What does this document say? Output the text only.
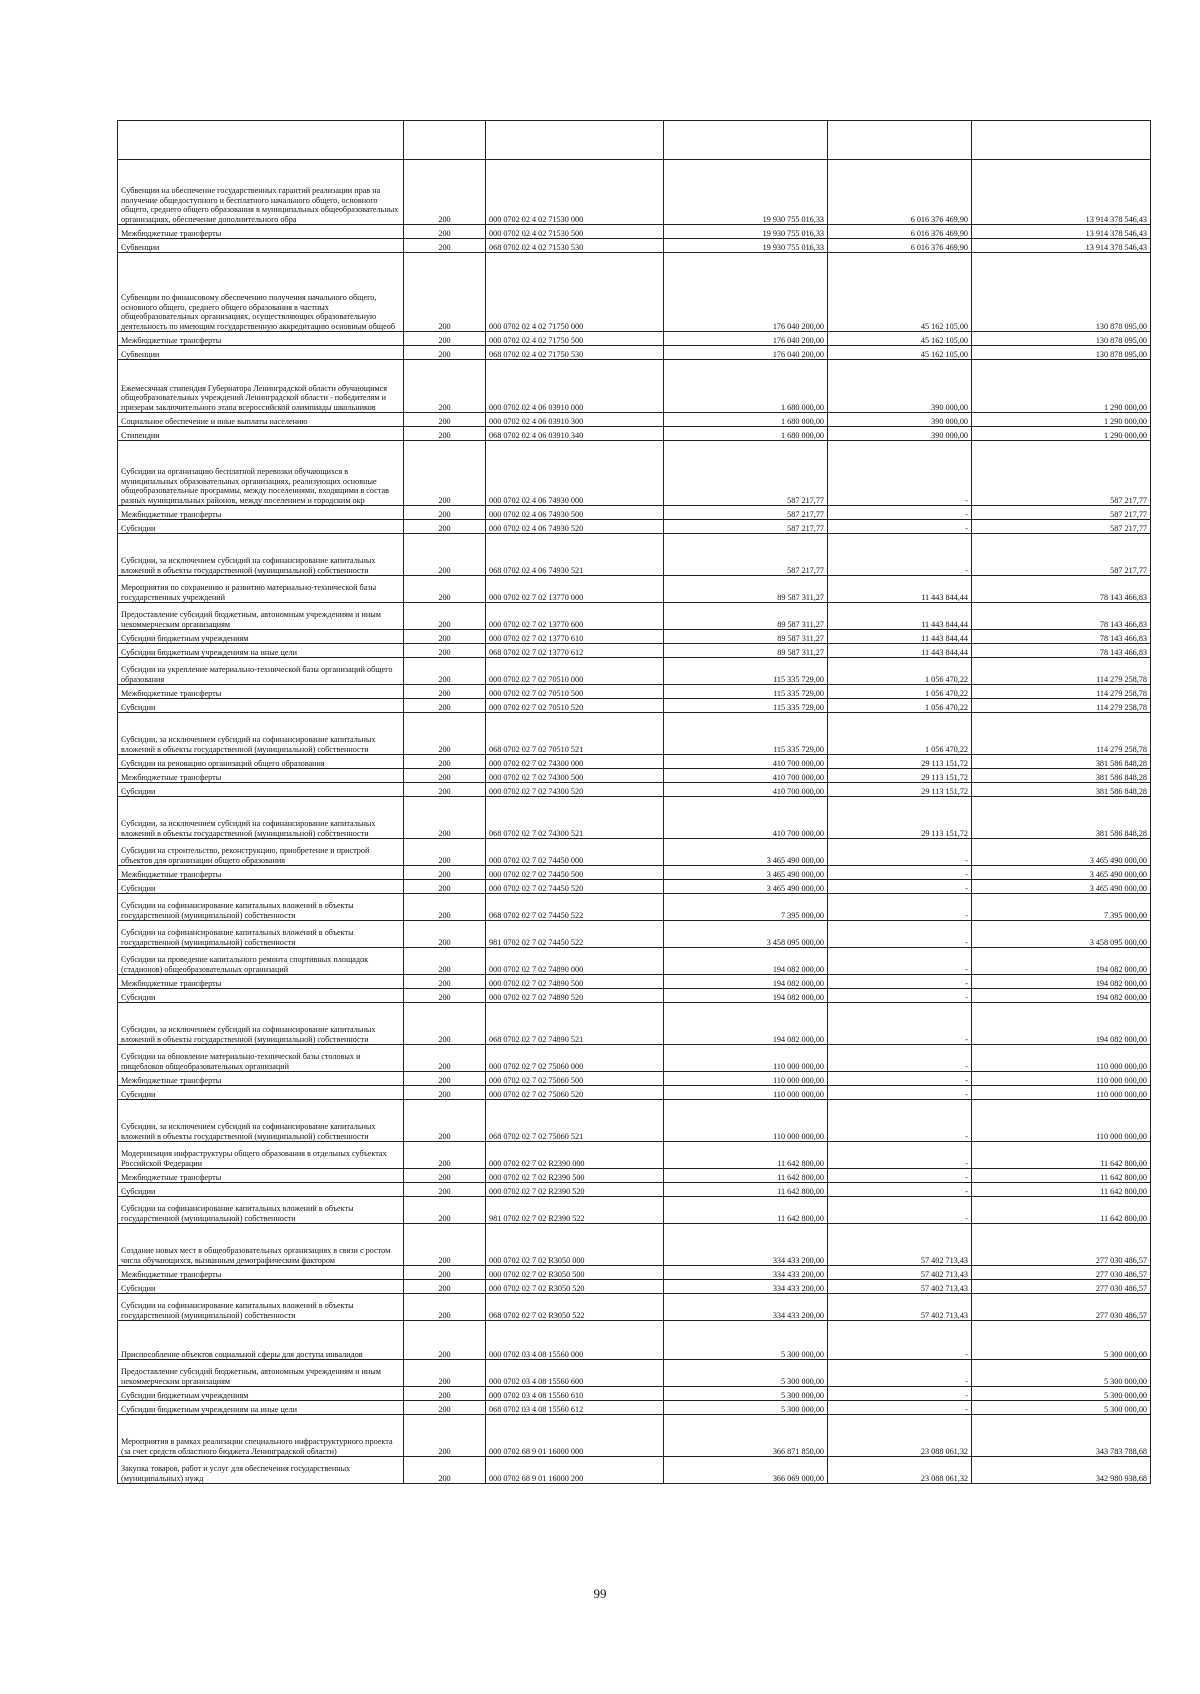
Субвенции на обеспечение государственных гарантий реализации прав на получение общедоступного и бесплатного начального общего, основного общего, среднего общего образования в муниципальных общеобразовательных организациях, обеспечение дополнительного обра	200	000 0702 02 4 02 71530 000	19 930 755 016,33	6 016 376 469,90	13 914 378 546,43
Межбюджетные трансферты	200	000 0702 02 4 02 71530 500	19 930 755 016,33	6 016 376 469,90	13 914 378 546,43
Субвенции	200	068 0702 02 4 02 71530 530	19 930 755 016,33	6 016 376 469,90	13 914 378 546,43
Субвенции по финансовому обеспечению получения начального общего, основного общего, среднего общего образования в частных общеобразовательных организациях, осуществляющих образовательную деятельность по имеющим государственную аккредитацию основным общеоб	200	000 0702 02 4 02 71750 000	176 040 200,00	45 162 105,00	130 878 095,00
Межбюджетные трансферты	200	000 0702 02 4 02 71750 500	176 040 200,00	45 162 105,00	130 878 095,00
Субвенции	200	068 0702 02 4 02 71750 530	176 040 200,00	45 162 105,00	130 878 095,00
Ежемесячная стипендия Губернатора Ленинградской области обучающимся общеобразовательных учреждений Ленинградской области - победителям и призерам заключительного этапа всероссийской олимпиады школьников	200	000 0702 02 4 06 03910 000	1 680 000,00	390 000,00	1 290 000,00
Социальное обеспечение и иные выплаты населению	200	000 0702 02 4 06 03910 300	1 680 000,00	390 000,00	1 290 000,00
Стипендии	200	068 0702 02 4 06 03910 340	1 680 000,00	390 000,00	1 290 000,00
Субсидии на организацию бесплатной перевозки обучающихся в муниципальных образовательных организациях, реализующих основные общеобразовательные программы, между поселениями, входящими в состав разных муниципальных районов, между поселением и городским окр	200	000 0702 02 4 06 74930 000	587 217,77	-	587 217,77
Межбюджетные трансферты	200	000 0702 02 4 06 74930 500	587 217,77	-	587 217,77
Субсидии	200	000 0702 02 4 06 74930 520	587 217,77	-	587 217,77
Субсидии, за исключением субсидий на софинансирование капитальных вложений в объекты государственной (муниципальной) собственности	200	068 0702 02 4 06 74930 521	587 217,77	-	587 217,77
Мероприятия по сохранению и развитию материально-технической базы государственных учреждений	200	000 0702 02 7 02 13770 000	89 587 311,27	11 443 844,44	78 143 466,83
Предоставление субсидий бюджетным, автономным учреждениям и иным некоммерческим организациям	200	000 0702 02 7 02 13770 600	89 587 311,27	11 443 844,44	78 143 466,83
Субсидии бюджетным учреждениям	200	000 0702 02 7 02 13770 610	89 587 311,27	11 443 844,44	78 143 466,83
Субсидии бюджетным учреждениям на иные цели	200	068 0702 02 7 02 13770 612	89 587 311,27	11 443 844,44	78 143 466,83
Субсидии на укрепление материально-технической базы организаций общего образования	200	000 0702 02 7 02 70510 000	115 335 729,00	1 056 470,22	114 279 258,78
Межбюджетные трансферты	200	000 0702 02 7 02 70510 500	115 335 729,00	1 056 470,22	114 279 258,78
Субсидии	200	000 0702 02 7 02 70510 520	115 335 729,00	1 056 470,22	114 279 258,78
Субсидии, за исключением субсидий на софинансирование капитальных вложений в объекты государственной (муниципальной) собственности	200	068 0702 02 7 02 70510 521	115 335 729,00	1 056 470,22	114 279 258,78
Субсидии на реновацию организаций общего образования	200	000 0702 02 7 02 74300 000	410 700 000,00	29 113 151,72	381 586 848,28
Межбюджетные трансферты	200	000 0702 02 7 02 74300 500	410 700 000,00	29 113 151,72	381 586 848,28
Субсидии	200	000 0702 02 7 02 74300 520	410 700 000,00	29 113 151,72	381 586 848,28
Субсидии, за исключением субсидий на софинансирование капитальных вложений в объекты государственной (муниципальной) собственности	200	068 0702 02 7 02 74300 521	410 700 000,00	29 113 151,72	381 586 848,28
Субсидии на строительство, реконструкцию, приобретение и пристрой объектов для организации общего образования	200	000 0702 02 7 02 74450 000	3 465 490 000,00	-	3 465 490 000,00
Межбюджетные трансферты	200	000 0702 02 7 02 74450 500	3 465 490 000,00	-	3 465 490 000,00
Субсидии	200	000 0702 02 7 02 74450 520	3 465 490 000,00	-	3 465 490 000,00
Субсидии на софинансирование капитальных вложений в объекты государственной (муниципальной) собственности	200	068 0702 02 7 02 74450 522	7 395 000,00	-	7 395 000,00
Субсидии на софинансирование капитальных вложений в объекты государственной (муниципальной) собственности	200	981 0702 02 7 02 74450 522	3 458 095 000,00	-	3 458 095 000,00
Субсидии на проведение капитального ремонта спортивных площадок (стадионов) общеобразовательных организаций	200	000 0702 02 7 02 74890 000	194 082 000,00	-	194 082 000,00
Межбюджетные трансферты	200	000 0702 02 7 02 74890 500	194 082 000,00	-	194 082 000,00
Субсидии	200	000 0702 02 7 02 74890 520	194 082 000,00	-	194 082 000,00
Субсидии, за исключением субсидий на софинансирование капитальных вложений в объекты государственной (муниципальной) собственности	200	068 0702 02 7 02 74890 521	194 082 000,00	-	194 082 000,00
Субсидии на обновление материально-технической базы столовых и пищеблоков общеобразовательных организаций	200	000 0702 02 7 02 75060 000	110 000 000,00	-	110 000 000,00
Межбюджетные трансферты	200	000 0702 02 7 02 75060 500	110 000 000,00	-	110 000 000,00
Субсидии	200	000 0702 02 7 02 75060 520	110 000 000,00	-	110 000 000,00
Субсидии, за исключением субсидий на софинансирование капитальных вложений в объекты государственной (муниципальной) собственности	200	068 0702 02 7 02 75060 521	110 000 000,00	-	110 000 000,00
Модернизация инфраструктуры общего образования в отдельных субъектах Российской Федерации	200	000 0702 02 7 02 R2390 000	11 642 800,00	-	11 642 800,00
Межбюджетные трансферты	200	000 0702 02 7 02 R2390 500	11 642 800,00	-	11 642 800,00
Субсидии	200	000 0702 02 7 02 R2390 520	11 642 800,00	-	11 642 800,00
Субсидии на софинансирование капитальных вложений в объекты государственной (муниципальной) собственности	200	981 0702 02 7 02 R2390 522	11 642 800,00	-	11 642 800,00
Создание новых мест в общеобразовательных организациях в связи с ростом числа обучающихся, вызванным демографическим фактором	200	000 0702 02 7 02 R3050 000	334 433 200,00	57 402 713,43	277 030 486,57
Межбюджетные трансферты	200	000 0702 02 7 02 R3050 500	334 433 200,00	57 402 713,43	277 030 486,57
Субсидии	200	000 0702 02 7 02 R3050 520	334 433 200,00	57 402 713,43	277 030 486,57
Субсидии на софинансирование капитальных вложений в объекты государственной (муниципальной) собственности	200	068 0702 02 7 02 R3050 522	334 433 200,00	57 402 713,43	277 030 486,57
Приспособление объектов социальной сферы для доступа инвалидов	200	000 0702 03 4 08 15560 000	5 300 000,00	-	5 300 000,00
Предоставление субсидий бюджетным, автономным учреждениям и иным некоммерческим организациям	200	000 0702 03 4 08 15560 600	5 300 000,00	-	5 300 000,00
Субсидии бюджетным учреждениям	200	000 0702 03 4 08 15560 610	5 300 000,00	-	5 300 000,00
Субсидии бюджетным учреждениям на иные цели	200	068 0702 03 4 08 15560 612	5 300 000,00	-	5 300 000,00
Мероприятия в рамках реализации специального инфраструктурного проекта (за счет средств областного бюджета Ленинградской области)	200	000 0702 68 9 01 16000 000	366 871 850,00	23 088 061,32	343 783 788,68
Закупка товаров, работ и услуг для обеспечения государственных (муниципальных) нужд	200	000 0702 68 9 01 16000 200	366 069 000,00	23 088 061,32	342 980 938,68
99
